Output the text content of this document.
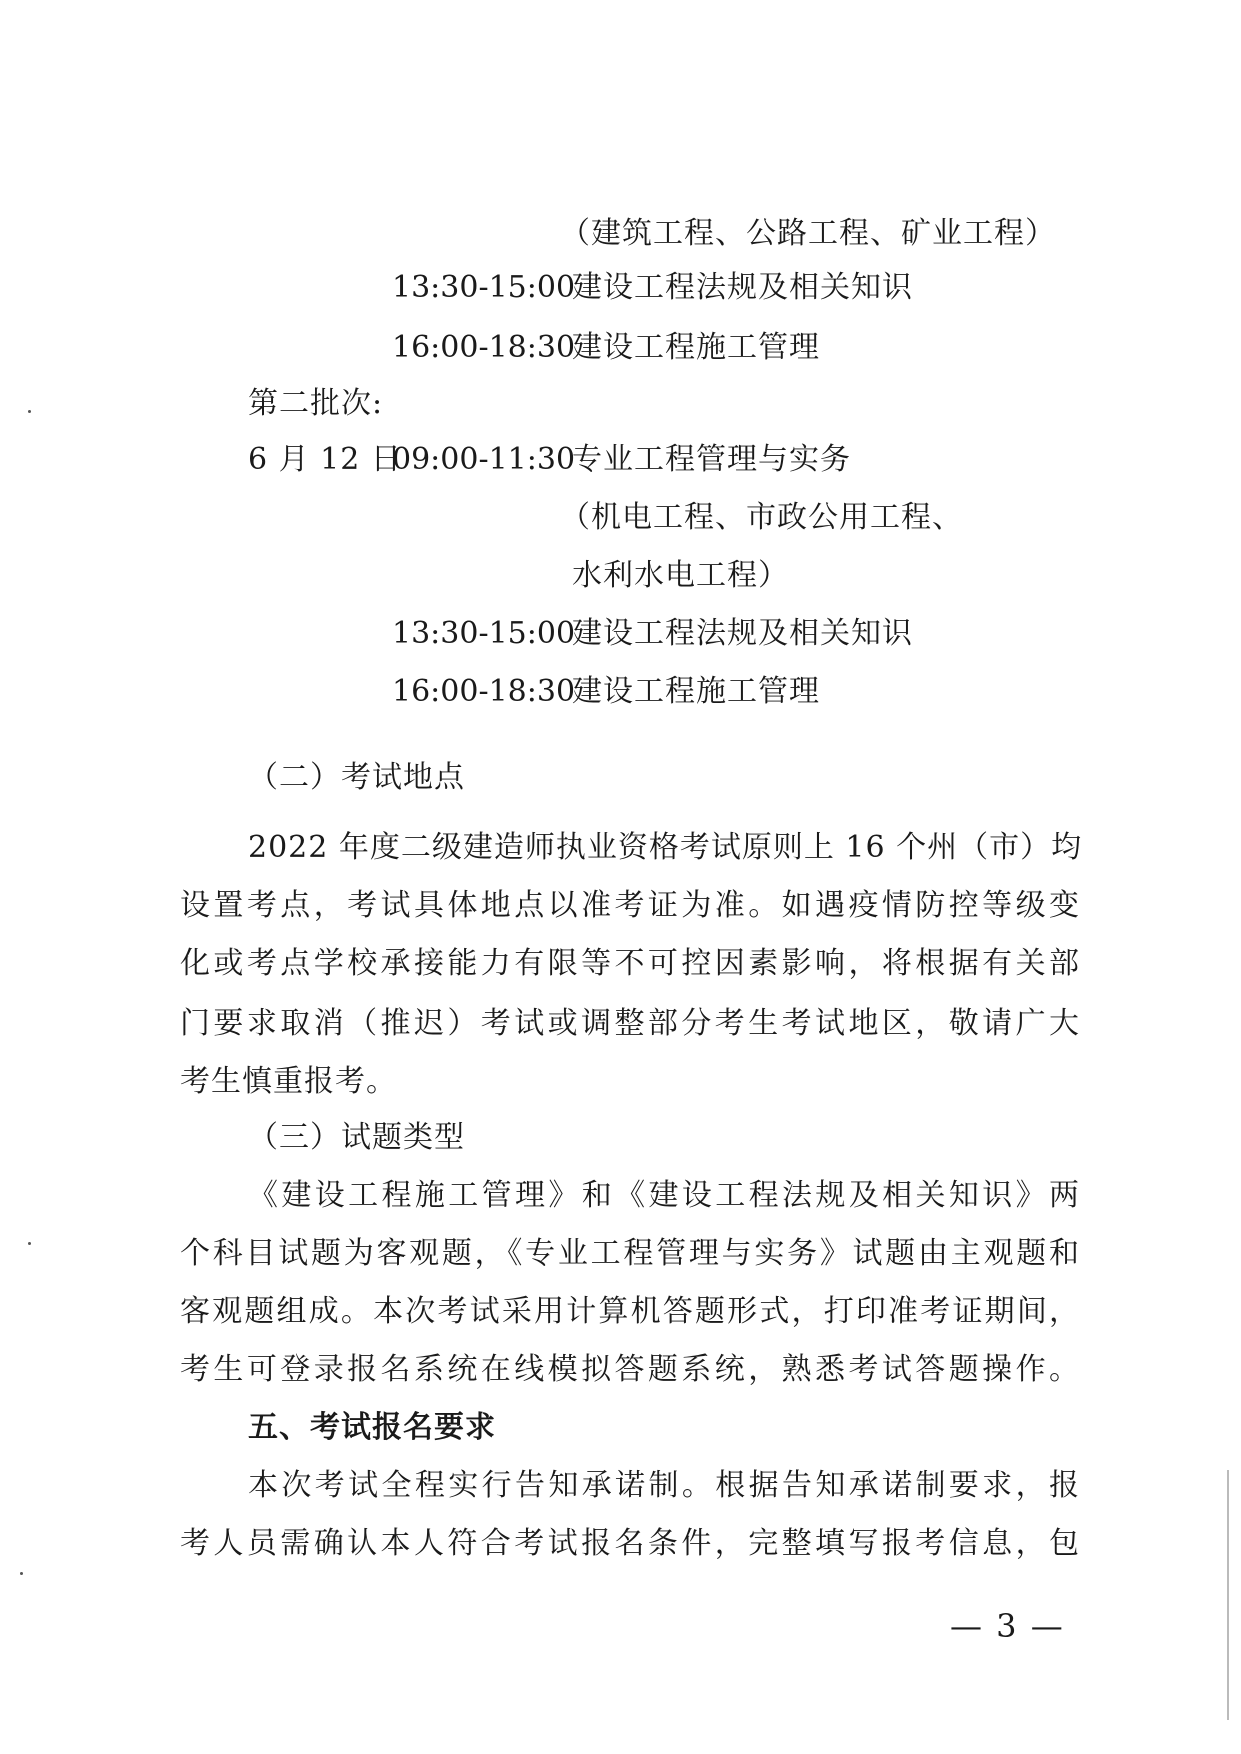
（建筑工程、公路工程、矿业工程）
13:30-15:00
建设工程法规及相关知识
16:00-18:30
建设工程施工管理
第二批次:
6 月 12 日
09:00-11:30
专业工程管理与实务
（机电工程、市政公用工程、
水利水电工程）
13:30-15:00
建设工程法规及相关知识
16:00-18:30
建设工程施工管理
（二）考试地点
2022 年度二级建造师执业资格考试原则上 16 个州（市）均
设置考点，考试具体地点以准考证为准。如遇疫情防控等级变
化或考点学校承接能力有限等不可控因素影响，将根据有关部
门要求取消（推迟）考试或调整部分考生考试地区，敬请广大
考生慎重报考。
（三）试题类型
《建设工程施工管理》和《建设工程法规及相关知识》两
个科目试题为客观题，《专业工程管理与实务》试题由主观题和
客观题组成。本次考试采用计算机答题形式，打印准考证期间，
考生可登录报名系统在线模拟答题系统，熟悉考试答题操作。
五、考试报名要求
本次考试全程实行告知承诺制。根据告知承诺制要求，报
考人员需确认本人符合考试报名条件，完整填写报考信息，包
— 3 —
